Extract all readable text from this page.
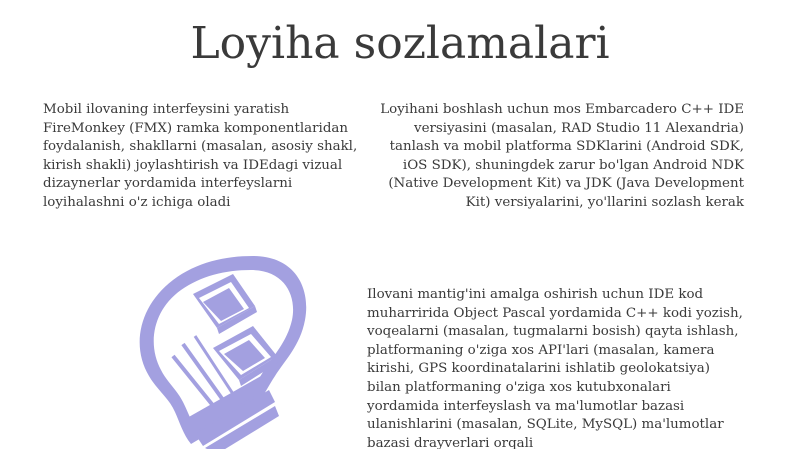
Loyiha sozlamalari

Mobil ilovaning interfeysini yaratish FireMonkey (FMX) ramka komponentlaridan foydalanish, shakllarni (masalan, asosiy shakl, kirish shakli) joylashtirish va IDEdagi vizual dizaynerlar yordamida interfeyslarni loyihalashni o'z ichiga oladi

Loyihani boshlash uchun mos Embarcadero C++ IDE versiyasini (masalan, RAD Studio 11 Alexandria) tanlash va mobil platforma SDKlarini (Android SDK, iOS SDK), shuningdek zarur bo'lgan Android NDK (Native Development Kit) va JDK (Java Development Kit) versiyalarini, yo'llarini sozlash kerak

Ilovani mantig'ini amalga oshirish uchun IDE kod muharririda Object Pascal yordamida C++ kodi yozish, voqealarni (masalan, tugmalarni bosish) qayta ishlash, platformaning o'ziga xos API'lari (masalan, kamera kirishi, GPS koordinatalarini ishlatib geolokatsiya) bilan platformaning o'ziga xos kutubxonalari yordamida interfeyslash va ma'lumotlar bazasi ulanishlarini (masalan, SQLite, MySQL) ma'lumotlar bazasi drayverlari orqali
